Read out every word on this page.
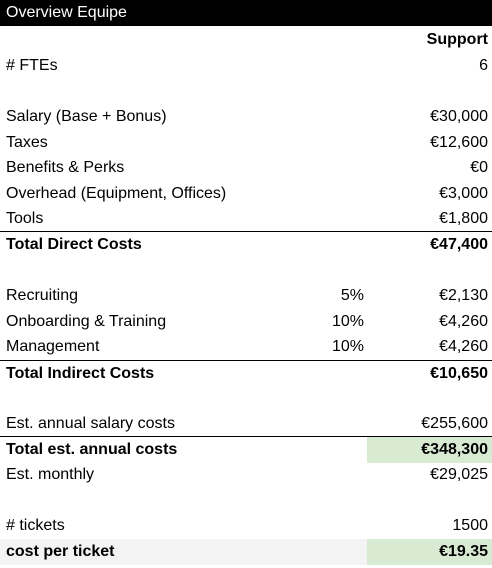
Overview Equipe
Support
# FTEs	6
Salary (Base + Bonus)	€30,000
Taxes	€12,600
Benefits & Perks	€0
Overhead (Equipment, Offices)	€3,000
Tools	€1,800
Total Direct Costs	€47,400
Recruiting	5%	€2,130
Onboarding & Training	10%	€4,260
Management	10%	€4,260
Total Indirect Costs	€10,650
Est. annual salary costs	€255,600
Total est. annual costs	€348,300
Est. monthly	€29,025
# tickets	1500
cost per ticket	€19.35
